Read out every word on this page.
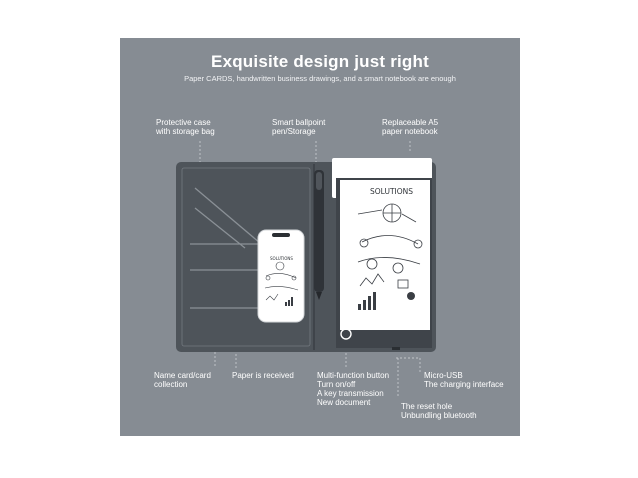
Exquisite design just right
Paper CARDS, handwritten business drawings, and a smart notebook are enough
SOLUTIONS
SOLUTIONS
Protective case
with storage bag
Smart ballpoint
pen/Storage
Replaceable A5
paper notebook
Name card/card
collection
Paper is received	Multi-function button
Turn on/off
A key transmission
New document
Micro-USB
The charging interface
The reset hole
Unbundling bluetooth
